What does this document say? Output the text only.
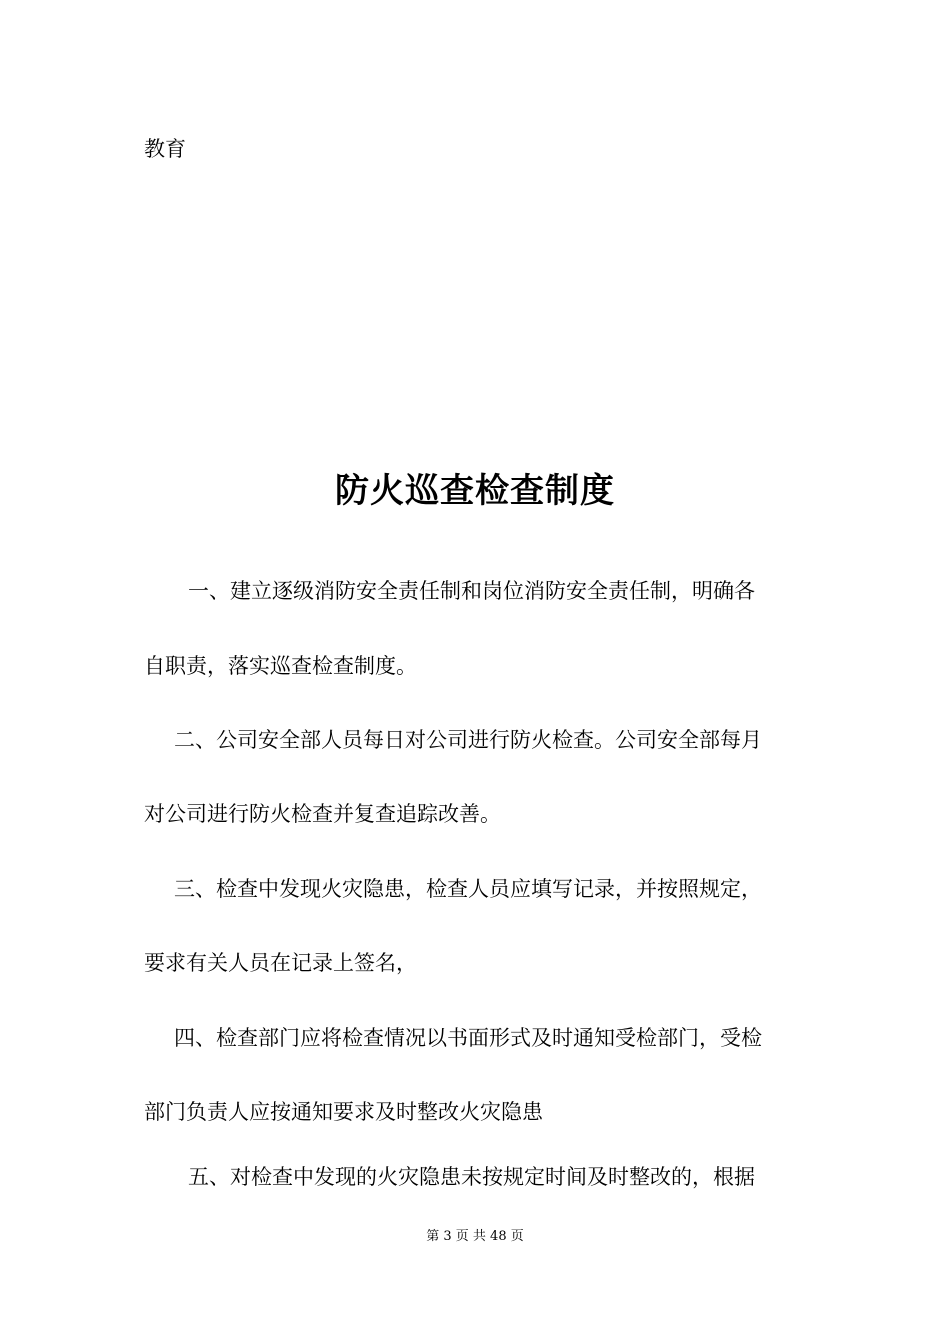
教育
防火巡查检查制度
一、建立逐级消防安全责任制和岗位消防安全责任制，明确各
自职责，落实巡查检查制度。
二、公司安全部人员每日对公司进行防火检查。公司安全部每月
对公司进行防火检查并复查追踪改善。
三、检查中发现火灾隐患，检查人员应填写记录，并按照规定，
要求有关人员在记录上签名，
四、检查部门应将检查情况以书面形式及时通知受检部门，受检
部门负责人应按通知要求及时整改火灾隐患
五、对检查中发现的火灾隐患未按规定时间及时整改的，根据
第 3 页 共 48 页
